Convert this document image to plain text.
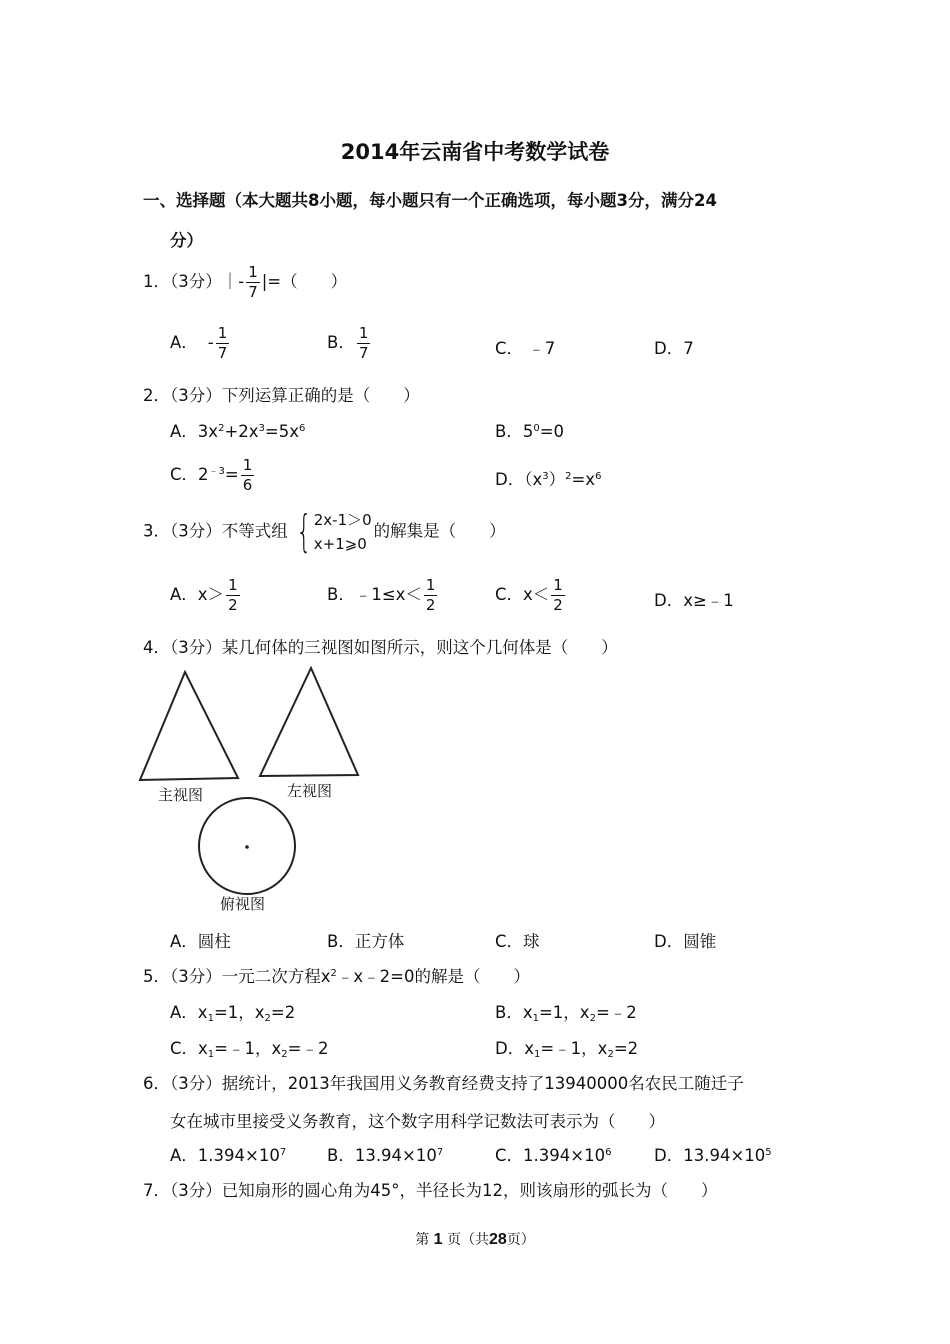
2014年云南省中考数学试卷
一、选择题（本大题共8小题，每小题只有一个正确选项，每小题3分，满分24
分）
1．（3分）｜- $\frac{1}{7}$ |=（　　）
A． - $\frac{1}{7}$	B． $\frac{1}{7}$	C． ﹣7	D．7
2．（3分）下列运算正确的是（　　）
A．$3x^2+2x^3=5x^6$	B．$5^0=0$
C．$2^{﹣3}= \frac{1}{6}$	D．$(x^3)^2=x^6$
3．（3分）不等式组 { 2x-1＞0
x+1⩾0
的解集是（　　）
A．$x> \frac{1}{2}$	B．﹣1≤x＜ $\frac{1}{2}$	C．$x< \frac{1}{2}$	D．x≥﹣1
4．（3分）某几何体的三视图如图所示，则这个几何体是（　　）
主视图	左视图
俯视图
A．圆柱	B．正方体	C．球	D．圆锥
5．（3分）一元二次方程$x^2﹣x﹣2=0$的解是（　　）
A．$x_1=1$，$x_2=2$	B．$x_1=1$，$x_2=﹣2$
C．$x_1=﹣1$，$x_2=﹣2$	D．$x_1=﹣1$，$x_2=2$
6．（3分）据统计，2013年我国用义务教育经费支持了13940000名农民工随迁子
女在城市里接受义务教育，这个数字用科学记数法可表示为（　　）
A．$1.394\times 10^7$ B．$13.94\times 10^7$	C．$1.394\times 10^6$	D．$13.94\times 10^5$
7．（3分）已知扇形的圆心角为45°，半径长为12，则该扇形的弧长为（　　）
第 1 页（共28页）
